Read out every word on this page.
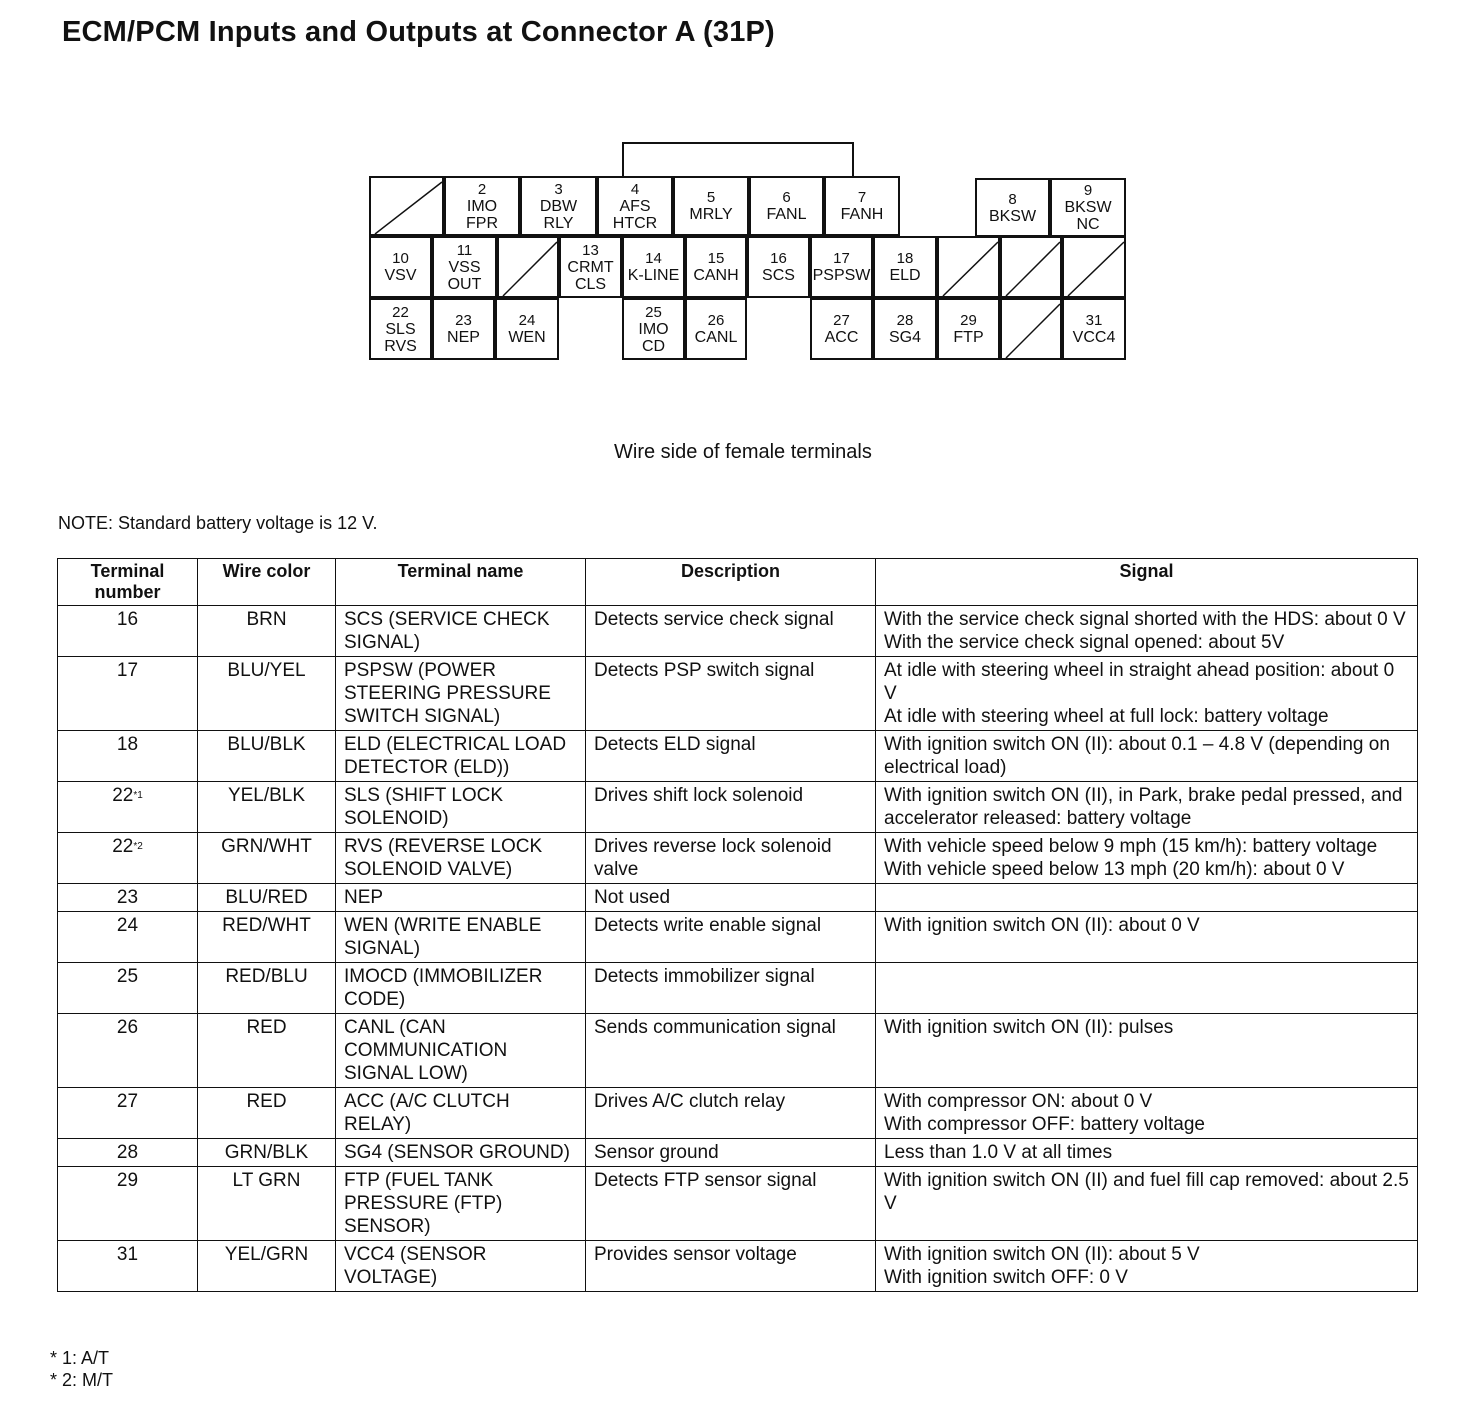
ECM/PCM Inputs and Outputs at Connector A (31P)
2
IMO
FPR
3
DBW
RLY
4
AFS
HTCR
5
MRLY
6
FANL
7
FANH
8
BKSW
9
BKSW
NC
10
VSV
11
VSS
OUT
13
CRMT
CLS
14
K-LINE
15
CANH
16
SCS
17
PSPSW
18
ELD
22
SLS
RVS
23
NEP
24
WEN
25
IMO
CD
26
CANL
27
ACC
28
SG4
29
FTP
31
VCC4
Wire side of female terminals
NOTE: Standard battery voltage is 12 V.
Terminal number	Wire color	Terminal name	Description	Signal
16	BRN	SCS (SERVICE CHECK SIGNAL)	Detects service check signal	With the service check signal shorted with the HDS: about 0 V
With the service check signal opened: about 5V
17	BLU/YEL	PSPSW (POWER STEERING PRESSURE SWITCH SIGNAL)	Detects PSP switch signal	At idle with steering wheel in straight ahead position: about 0 V
At idle with steering wheel at full lock: battery voltage
18	BLU/BLK	ELD (ELECTRICAL LOAD DETECTOR (ELD))	Detects ELD signal	With ignition switch ON (II): about 0.1 – 4.8 V (depending on electrical load)
22$^{*1}$	YEL/BLK	SLS (SHIFT LOCK SOLENOID)	Drives shift lock solenoid	With ignition switch ON (II), in Park, brake pedal pressed, and accelerator released: battery voltage
22$^{*2}$	GRN/WHT	RVS (REVERSE LOCK SOLENOID VALVE)	Drives reverse lock solenoid valve	With vehicle speed below 9 mph (15 km/h): battery voltage
With vehicle speed below 13 mph (20 km/h): about 0 V
23	BLU/RED	NEP	Not used	
24	RED/WHT	WEN (WRITE ENABLE SIGNAL)	Detects write enable signal	With ignition switch ON (II): about 0 V
25	RED/BLU	IMOCD (IMMOBILIZER CODE)	Detects immobilizer signal	
26	RED	CANL (CAN COMMUNICATION SIGNAL LOW)	Sends communication signal	With ignition switch ON (II): pulses
27	RED	ACC (A/C CLUTCH RELAY)	Drives A/C clutch relay	With compressor ON: about 0 V
With compressor OFF: battery voltage
28	GRN/BLK	SG4 (SENSOR GROUND)	Sensor ground	Less than 1.0 V at all times
29	LT GRN	FTP (FUEL TANK PRESSURE (FTP) SENSOR)	Detects FTP sensor signal	With ignition switch ON (II) and fuel fill cap removed: about 2.5 V
31	YEL/GRN	VCC4 (SENSOR VOLTAGE)	Provides sensor voltage	With ignition switch ON (II): about 5 V
With ignition switch OFF: 0 V
* 1: A/T
* 2: M/T
